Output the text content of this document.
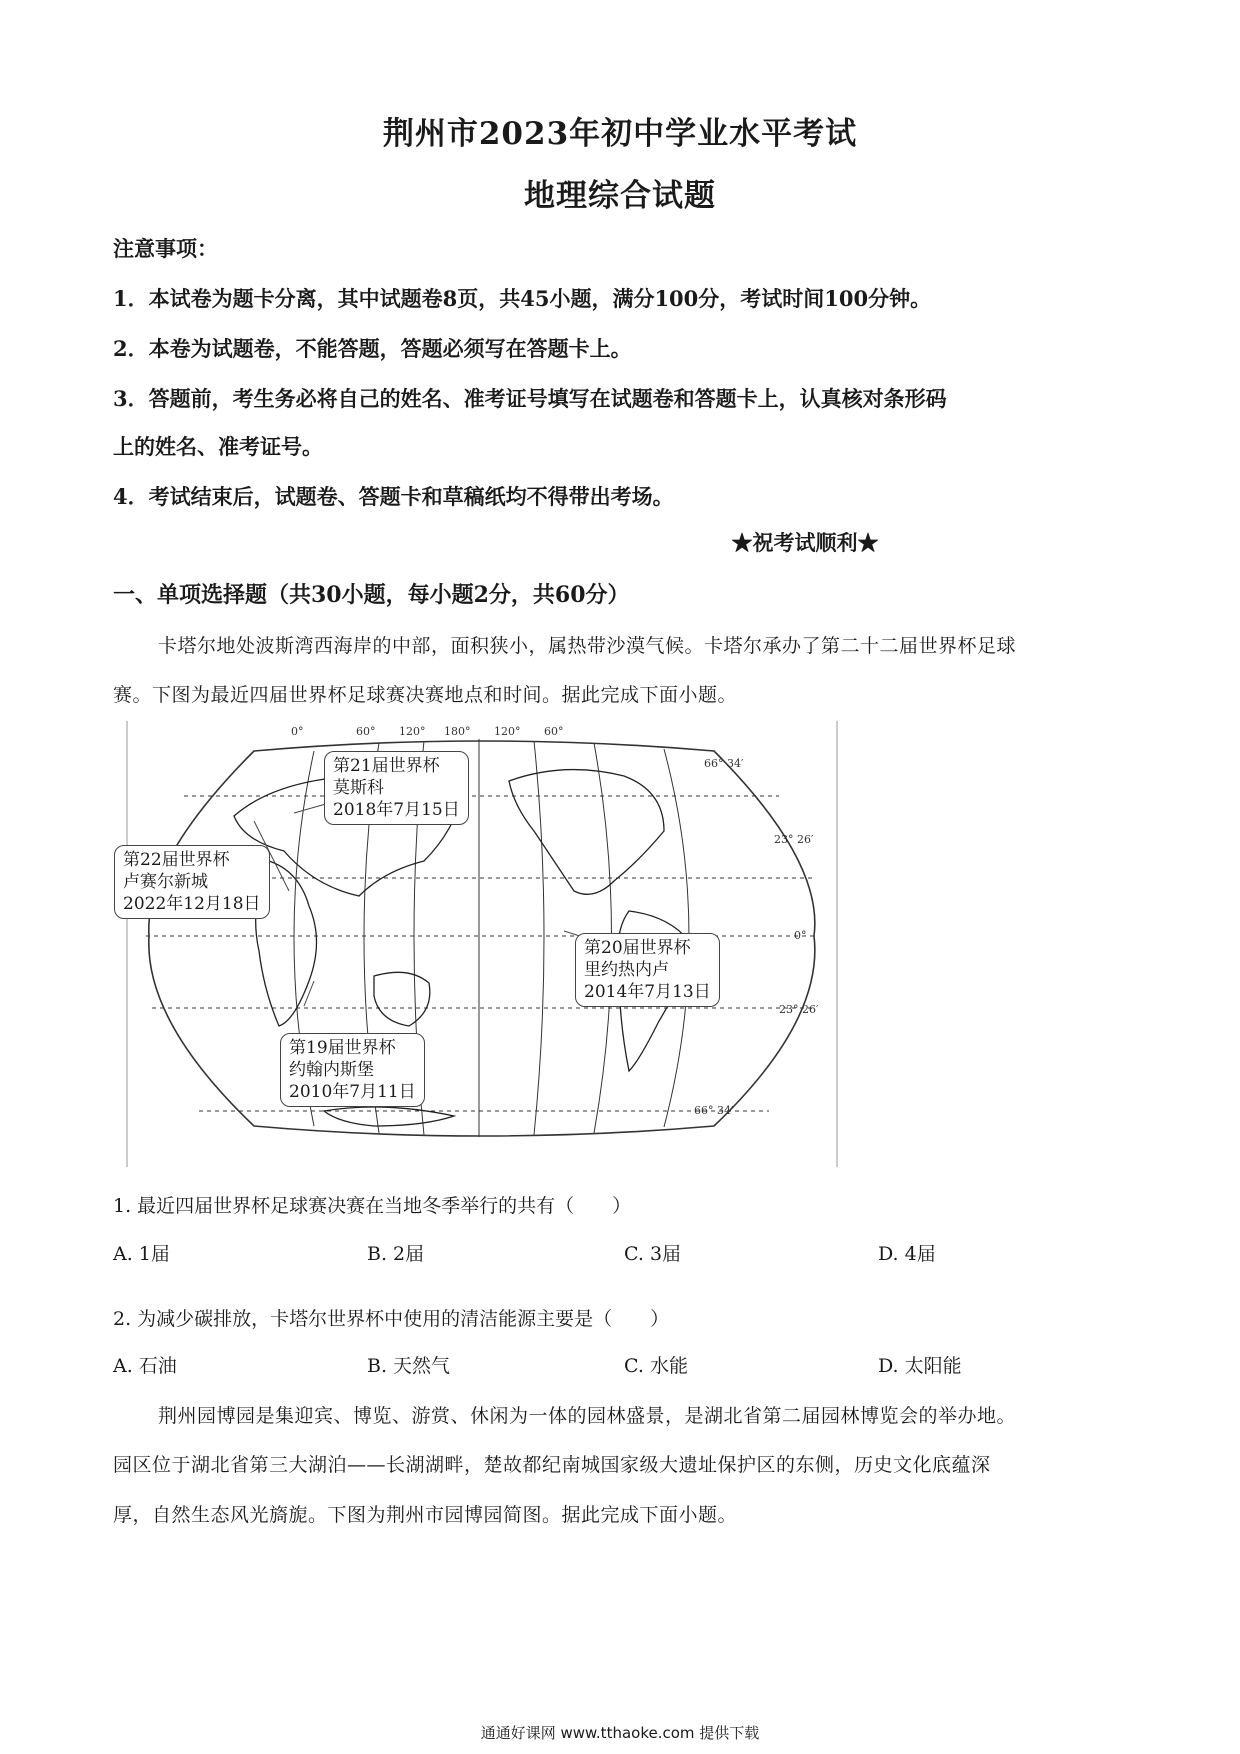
荆州市2023年初中学业水平考试
地理综合试题
注意事项：
1．本试卷为题卡分离，其中试题卷8页，共45小题，满分100分，考试时间100分钟。
2．本卷为试题卷，不能答题，答题必须写在答题卡上。
3．答题前，考生务必将自己的姓名、准考证号填写在试题卷和答题卡上，认真核对条形码
上的姓名、准考证号。
4．考试结束后，试题卷、答题卡和草稿纸均不得带出考场。
★祝考试顺利★
一、单项选择题（共30小题，每小题2分，共60分）
卡塔尔地处波斯湾西海岸的中部，面积狭小，属热带沙漠气候。卡塔尔承办了第二十二届世界杯足球
赛。下图为最近四届世界杯足球赛决赛地点和时间。据此完成下面小题。
0°	60° 120° 180° 120° 60°
66° 34′
23° 26′
0°
23° 26′
66° 34′
第21届世界杯
莫斯科
2018年7月15日
第22届世界杯
卢赛尔新城
2022年12月18日
第20届世界杯
里约热内卢
2014年7月13日
第19届世界杯
约翰内斯堡
2010年7月11日
1. 最近四届世界杯足球赛决赛在当地冬季举行的共有（　　）
A. 1届	B. 2届	C. 3届	D. 4届
2. 为减少碳排放，卡塔尔世界杯中使用的清洁能源主要是（　　）
A. 石油	B. 天然气	C. 水能	D. 太阳能
荆州园博园是集迎宾、博览、游赏、休闲为一体的园林盛景，是湖北省第二届园林博览会的举办地。
园区位于湖北省第三大湖泊——长湖湖畔，楚故都纪南城国家级大遗址保护区的东侧，历史文化底蕴深
厚，自然生态风光旖旎。下图为荆州市园博园简图。据此完成下面小题。
通通好课网 www.tthaoke.com 提供下载
